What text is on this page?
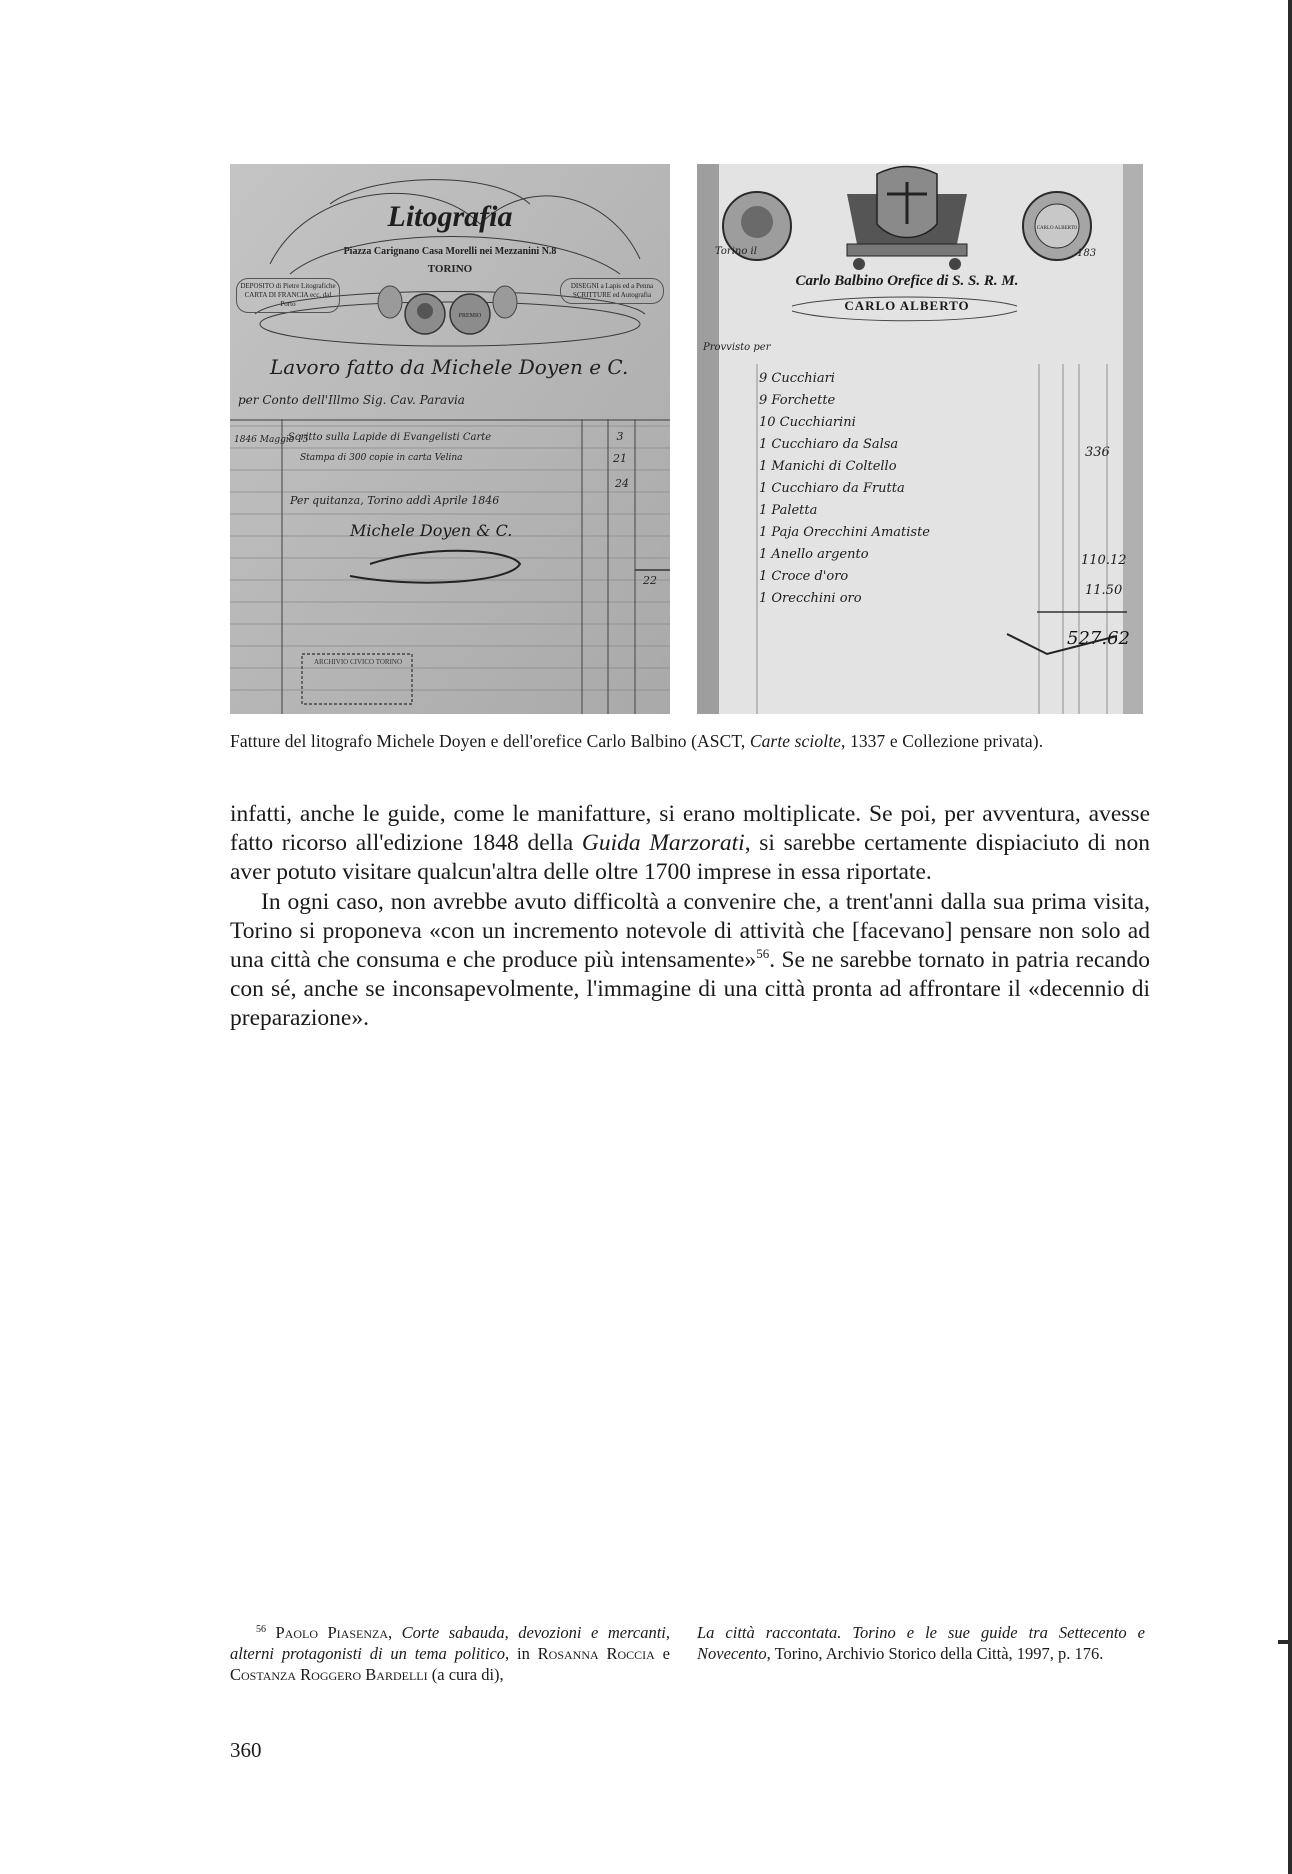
Litografia
Piazza Carignano Casa Morelli nei Mezzanini N.8
TORINO
DEPOSITO di Pietre Litografiche CARTA DI FRANCIA ecc. dal Porto
DISEGNI a Lapis ed a Penna SCRITTURE ed Autografia
PREMIO
Lavoro fatto da Michele Doyen e C.
per Conto dell'Illmo Sig. Cav. Paravia
1846 Maggio 15
Scritto sulla Lapide di Evangelisti Carte
Stampa di 300 copie in carta Velina
3
21
24
Per quitanza, Torino addì Aprile 1846
Michele Doyen & C.
22
ARCHIVIO CIVICO TORINO
CARLO ALBERTO
Torino il	183
Carlo Balbino Orefice di S. S. R. M.
CARLO ALBERTO
Provvisto per
9 Cucchiari
9 Forchette
10 Cucchiarini
1 Cucchiaro da Salsa
1 Manichi di Coltello
1 Cucchiaro da Frutta
1 Paletta
1 Paja Orecchini Amatiste
1 Anello argento
1 Croce d'oro
1 Orecchini oro
336
110.12
11.50
527.62
Fatture del litografo Michele Doyen e dell'orefice Carlo Balbino (ASCT, Carte sciolte, 1337 e Collezione privata).

infatti, anche le guide, come le manifatture, si erano moltiplicate. Se poi, per avventura, avesse fatto ricorso all'edizione 1848 della Guida Marzorati, si sarebbe certamente dispiaciuto di non aver potuto visitare qualcun'altra delle oltre 1700 imprese in essa riportate.

In ogni caso, non avrebbe avuto difficoltà a convenire che, a trent'anni dalla sua prima visita, Torino si proponeva «con un incremento notevole di attività che [facevano] pensare non solo ad una città che consuma e che produce più intensamente»$^{56}$. Se ne sarebbe tornato in patria recando con sé, anche se inconsapevolmente, l'immagine di una città pronta ad affrontare il «decennio di preparazione».

$^{56}$ Paolo Piasenza, Corte sabauda, devozioni e mercanti, alterni protagonisti di un tema politico, in Rosanna Roccia e Costanza Roggero Bardelli (a cura di),
La città raccontata. Torino e le sue guide tra Settecento e Novecento, Torino, Archivio Storico della Città, 1997, p. 176.
360
